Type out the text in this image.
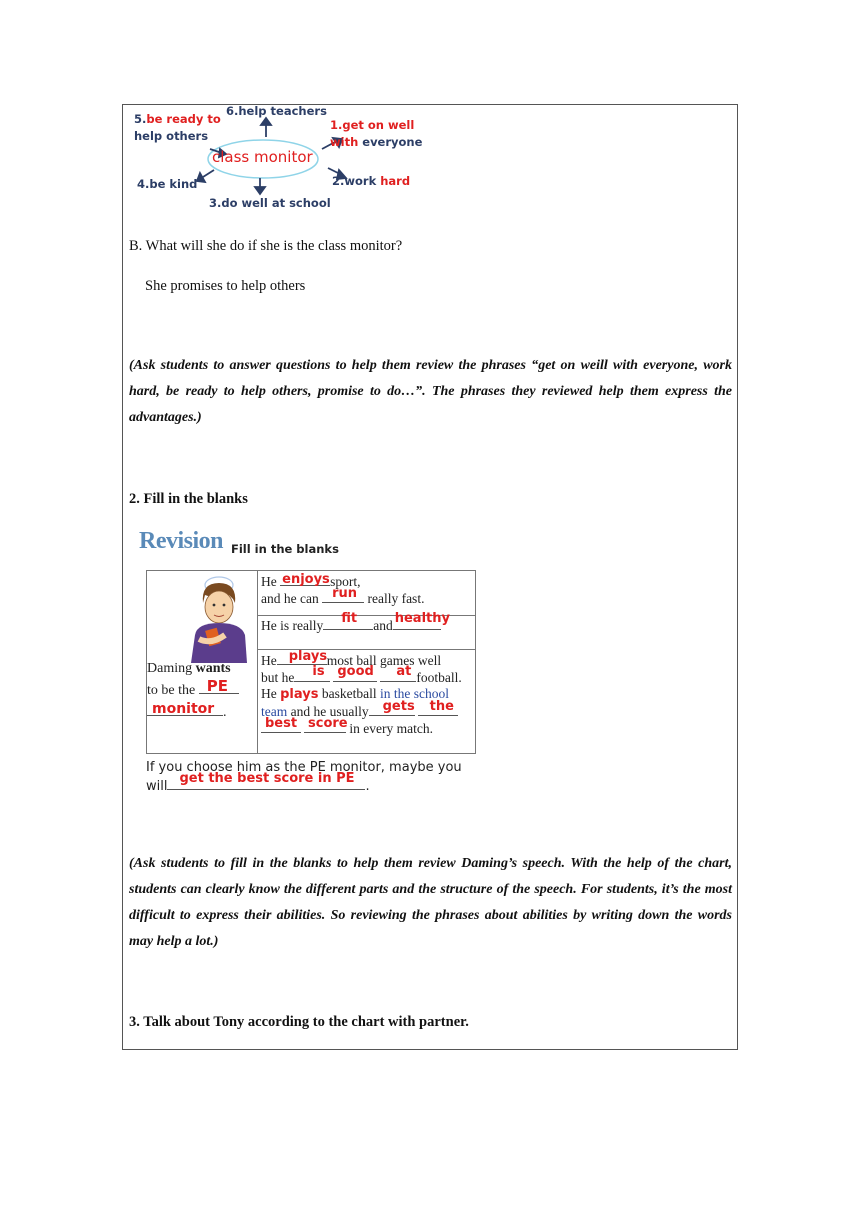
class monitor
1.get on well
with everyone
2.work hard
3.do well at school
4.be kind
5.be ready to
help others
6.help teachers
B. What will she do if she is the class monitor?
She promises to help others
(Ask students to answer questions to help them review the phrases “get on weill with everyone, work hard, be ready to help others, promise to do…”. The phrases they reviewed help them express the advantages.)
2. Fill in the blanks
Revision Fill in the blanks
Daming wants
to be the PE
monitor .
He enjoys sport,
and he can run really fast.
He is really fit and healthy
He plays most ball games well
but he is good at football.
He plays basketball in the school
team and he usually gets the
best score
in every match.
If you choose him as the PE monitor, maybe you
will
get the best score in PE
.
(Ask students to fill in the blanks to help them review Daming’s speech. With the help of the chart, students can clearly know the different parts and the structure of the speech. For students, it’s the most difficult to express their abilities. So reviewing the phrases about abilities by writing down the words may help a lot.)
3. Talk about Tony according to the chart with partner.
